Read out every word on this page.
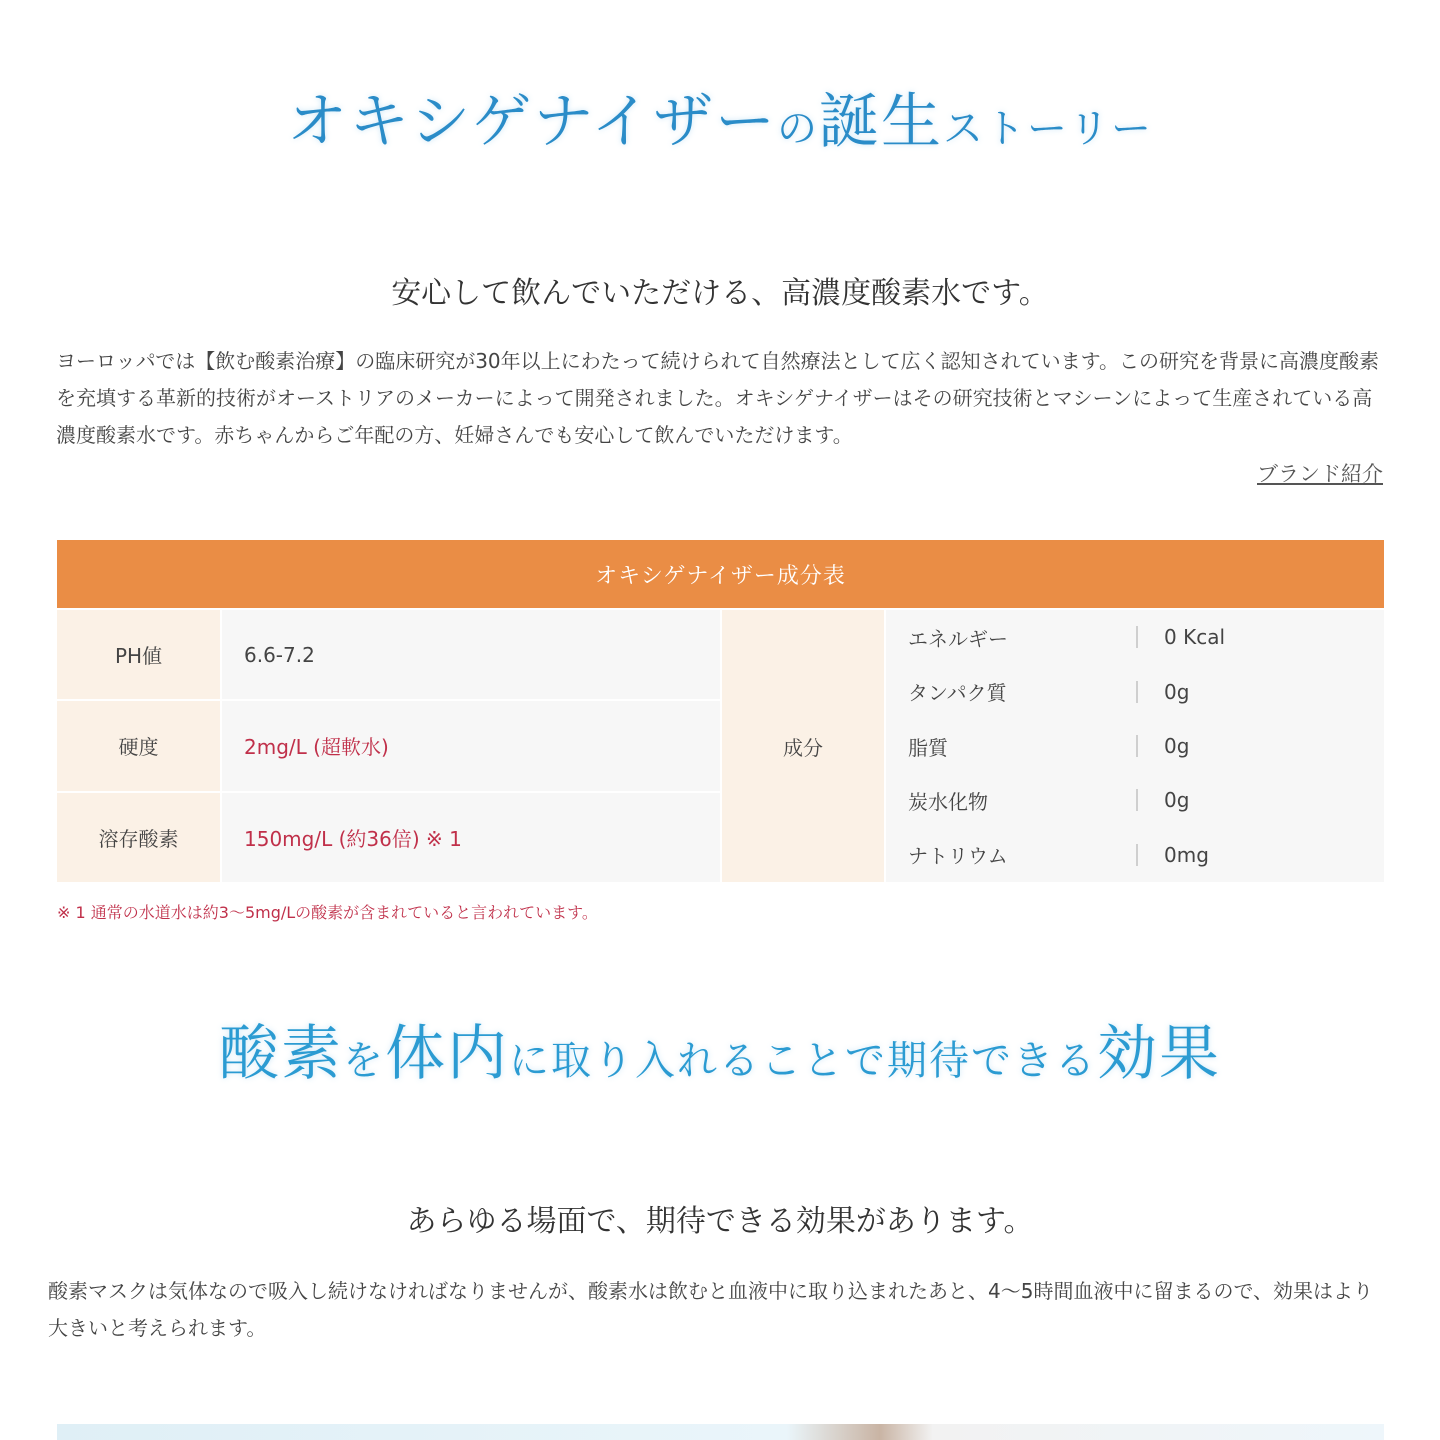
オキシゲナイザーの誕生ストーリー
安心して飲んでいただける、高濃度酸素水です。

ヨーロッパでは【飲む酸素治療】の臨床研究が30年以上にわたって続けられて自然療法として広く認知されています。この研究を背景に高濃度酸素を充填する革新的技術がオーストリアのメーカーによって開発されました。オキシゲナイザーはその研究技術とマシーンによって生産されている高濃度酸素水です。赤ちゃんからご年配の方、妊婦さんでも安心して飲んでいただけます。

ブランド紹介
オキシゲナイザー成分表
PH値	6.6-7.2
硬度	2mg/L (超軟水)
溶存酸素	150mg/L (約36倍) ※ 1
成分
エネルギー	0 Kcal
タンパク質	0g
脂質	0g
炭水化物	0g
ナトリウム	0mg
※ 1 通常の水道水は約3～5mg/Lの酸素が含まれていると言われています。
酸素を体内に取り入れることで期待できる効果
あらゆる場面で、期待できる効果があります。

酸素マスクは気体なので吸入し続けなければなりませんが、酸素水は飲むと血液中に取り込まれたあと、4～5時間血液中に留まるので、効果はより大きいと考えられます。
